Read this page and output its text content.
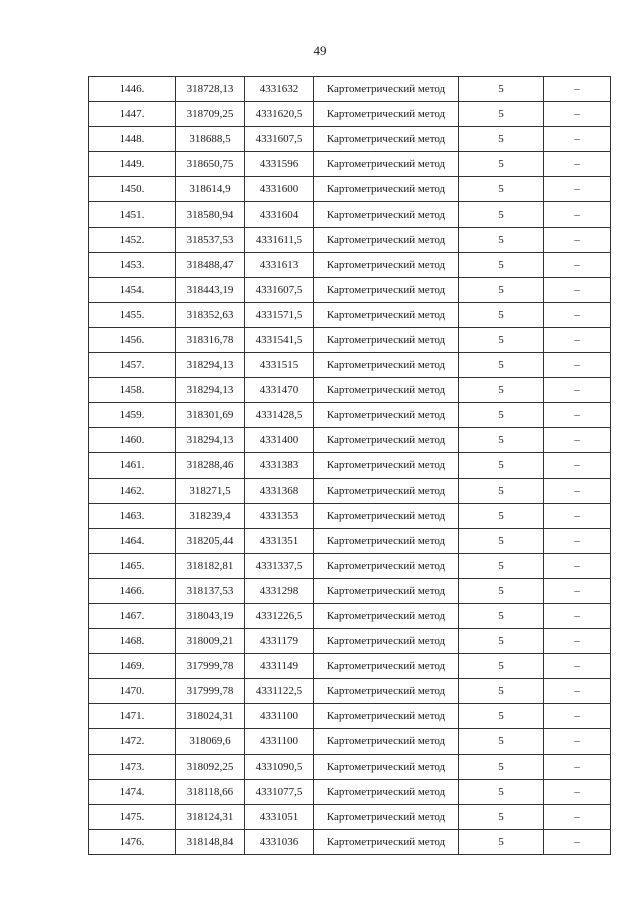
49
1446.	318728,13	4331632	Картометрический метод	5	–
1447.	318709,25	4331620,5	Картометрический метод	5	–
1448.	318688,5	4331607,5	Картометрический метод	5	–
1449.	318650,75	4331596	Картометрический метод	5	–
1450.	318614,9	4331600	Картометрический метод	5	–
1451.	318580,94	4331604	Картометрический метод	5	–
1452.	318537,53	4331611,5	Картометрический метод	5	–
1453.	318488,47	4331613	Картометрический метод	5	–
1454.	318443,19	4331607,5	Картометрический метод	5	–
1455.	318352,63	4331571,5	Картометрический метод	5	–
1456.	318316,78	4331541,5	Картометрический метод	5	–
1457.	318294,13	4331515	Картометрический метод	5	–
1458.	318294,13	4331470	Картометрический метод	5	–
1459.	318301,69	4331428,5	Картометрический метод	5	–
1460.	318294,13	4331400	Картометрический метод	5	–
1461.	318288,46	4331383	Картометрический метод	5	–
1462.	318271,5	4331368	Картометрический метод	5	–
1463.	318239,4	4331353	Картометрический метод	5	–
1464.	318205,44	4331351	Картометрический метод	5	–
1465.	318182,81	4331337,5	Картометрический метод	5	–
1466.	318137,53	4331298	Картометрический метод	5	–
1467.	318043,19	4331226,5	Картометрический метод	5	–
1468.	318009,21	4331179	Картометрический метод	5	–
1469.	317999,78	4331149	Картометрический метод	5	–
1470.	317999,78	4331122,5	Картометрический метод	5	–
1471.	318024,31	4331100	Картометрический метод	5	–
1472.	318069,6	4331100	Картометрический метод	5	–
1473.	318092,25	4331090,5	Картометрический метод	5	–
1474.	318118,66	4331077,5	Картометрический метод	5	–
1475.	318124,31	4331051	Картометрический метод	5	–
1476.	318148,84	4331036	Картометрический метод	5	–
